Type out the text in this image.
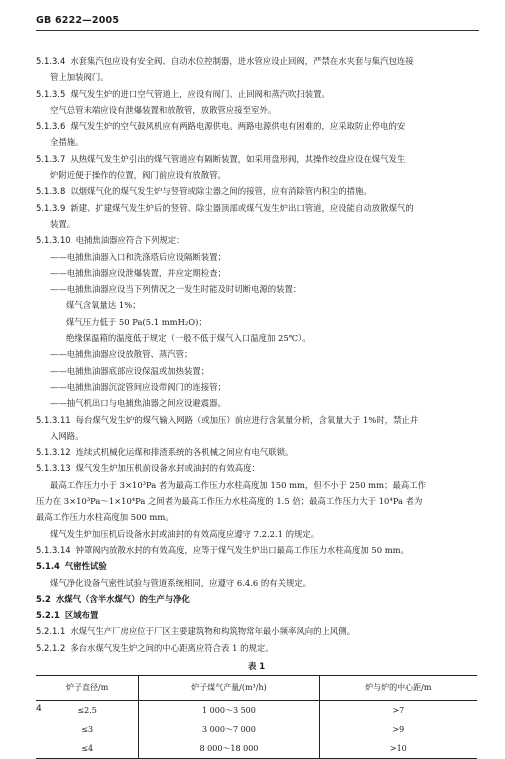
GB 6222—2005
5.1.3.4 水套集汽包应设有安全阀、自动水位控制器，进水管应设止回阀，严禁在水夹套与集汽包连接
管上加装阀门。
5.1.3.5 煤气发生炉的进口空气管道上，应设有阀门、止回阀和蒸汽吹扫装置。
空气总管末端应设有泄爆装置和放散管，放散管应接至室外。
5.1.3.6 煤气发生炉的空气鼓风机应有两路电源供电。两路电源供电有困难的，应采取防止停电的安
全措施。
5.1.3.7 从热煤气发生炉引出的煤气管道应有隔断装置，如采用盘形阀，其操作绞盘应设在煤气发生
炉附近便于操作的位置，阀门前应设有放散管。
5.1.3.8 以烟煤气化的煤气发生炉与竖管或除尘器之间的接管，应有消除管内积尘的措施。
5.1.3.9 新建、扩建煤气发生炉后的竖管、除尘器顶部或煤气发生炉出口管道，应设能自动放散煤气的
装置。
5.1.3.10 电捕焦油器应符合下列规定：
——电捕焦油器入口和洗涤塔后应设隔断装置；
——电捕焦油器应设泄爆装置，并应定期检查；
——电捕焦油器应设当下列情况之一发生时能及时切断电源的装置：
煤气含氧量达 1%；
煤气压力低于 50 Pa(5.1 mmH₂O)；
绝缘保温箱的温度低于规定（一般不低于煤气入口温度加 25℃）。
——电捕焦油器应设放散管、蒸汽管；
——电捕焦油器底部应设保温或加热装置；
——电捕焦油器沉淀管间应设带阀门的连接管；
——抽气机出口与电捕焦油器之间应设避震器。
5.1.3.11 每台煤气发生炉的煤气输入网路（或加压）前应进行含氧量分析，含氧量大于 1%时，禁止并
入网路。
5.1.3.12 连续式机械化运煤和排渣系统的各机械之间应有电气联锁。
5.1.3.13 煤气发生炉加压机前设备水封或油封的有效高度：
最高工作压力小于 3×10³Pa 者为最高工作压力水柱高度加 150 mm，但不小于 250 mm；最高工作
压力在 3×10³Pa～1×10⁴Pa 之间者为最高工作压力水柱高度的 1.5 倍；最高工作压力大于 10⁴Pa 者为
最高工作压力水柱高度加 500 mm。
煤气发生炉加压机后设备水封或油封的有效高度应遵守 7.2.2.1 的规定。
5.1.3.14 钟罩阀内放散水封的有效高度，应等于煤气发生炉出口最高工作压力水柱高度加 50 mm。
5.1.4 气密性试验
煤气净化设备气密性试验与管道系统相同，应遵守 6.4.6 的有关规定。
5.2 水煤气（含半水煤气）的生产与净化
5.2.1 区域布置
5.2.1.1 水煤气生产厂房应位于厂区主要建筑物和构筑物常年最小频率风向的上风侧。
5.2.1.2 多台水煤气发生炉之间的中心距离应符合表 1 的规定。
表 1
炉子直径/m	炉子煤气产量/(m³/h)	炉与炉的中心距/m
≤2.5	1 000～3 500	>7
≤3	3 000～7 000	>9
≤4	8 000～18 000	>10
4
